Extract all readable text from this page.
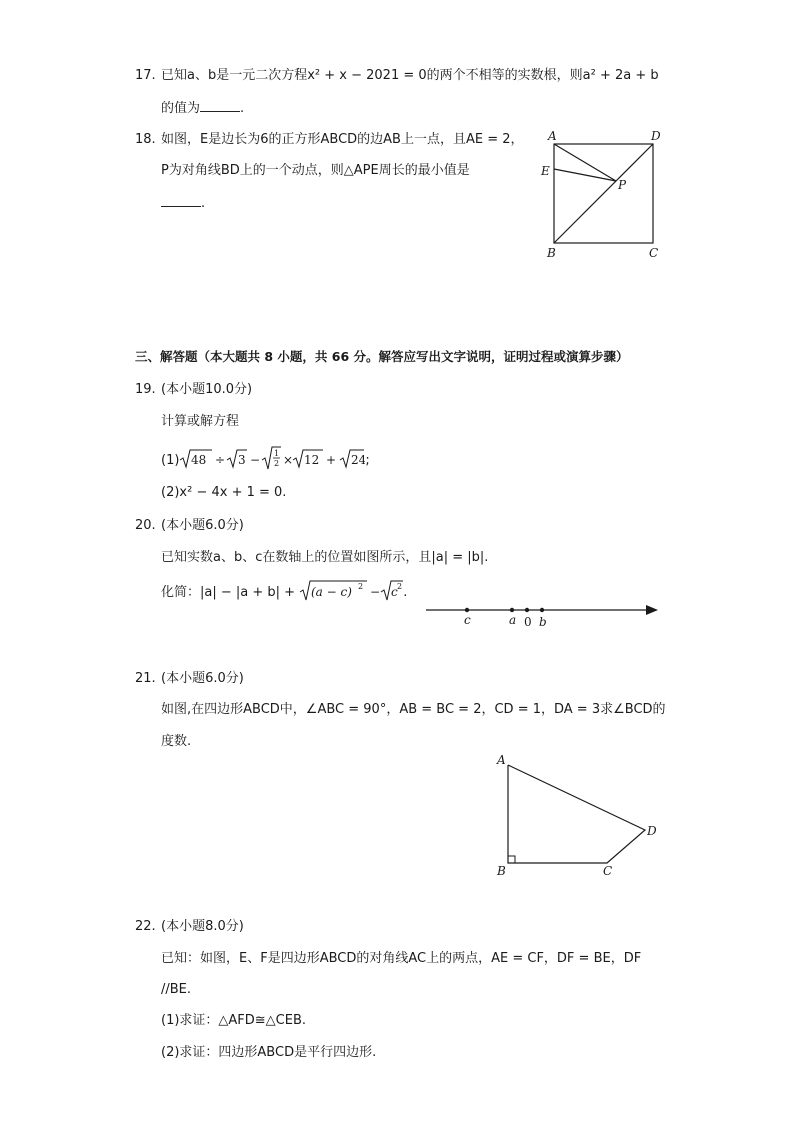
17. 已知a、b是一元二次方程x² + x − 2021 = 0的两个不相等的实数根，则a² + 2a + b
的值为	.
18. 如图，E是边长为6的正方形ABCD的边AB上一点，且AE = 2，
P为对角线BD上的一个动点，则△APE周长的最小值是
.
A	D
E
P
B	C
三、解答题（本大题共 8 小题，共 66 分。解答应写出文字说明，证明过程或演算步骤）
19. (本小题10.0分)
计算或解方程
(1) 48 ÷ 3 − 1
2 × 12 + 24
;
(2)x² − 4x + 1 = 0.
20. (本小题6.0分)
已知实数a、b、c在数轴上的位置如图所示，且|a| = |b|.
化简：|a| − |a + b| + (a − c) 2 − c 2 .
c	a 0 b
21. (本小题6.0分)
如图,在四边形ABCD中，∠ABC = 90°，AB = BC = 2，CD = 1，DA = 3求∠BCD的
度数.
A
B	C
D
22. (本小题8.0分)
已知：如图，E、F是四边形ABCD的对角线AC上的两点，AE = CF，DF = BE，DF
//BE.
(1)求证：△AFD≅△CEB.
(2)求证：四边形ABCD是平行四边形.
